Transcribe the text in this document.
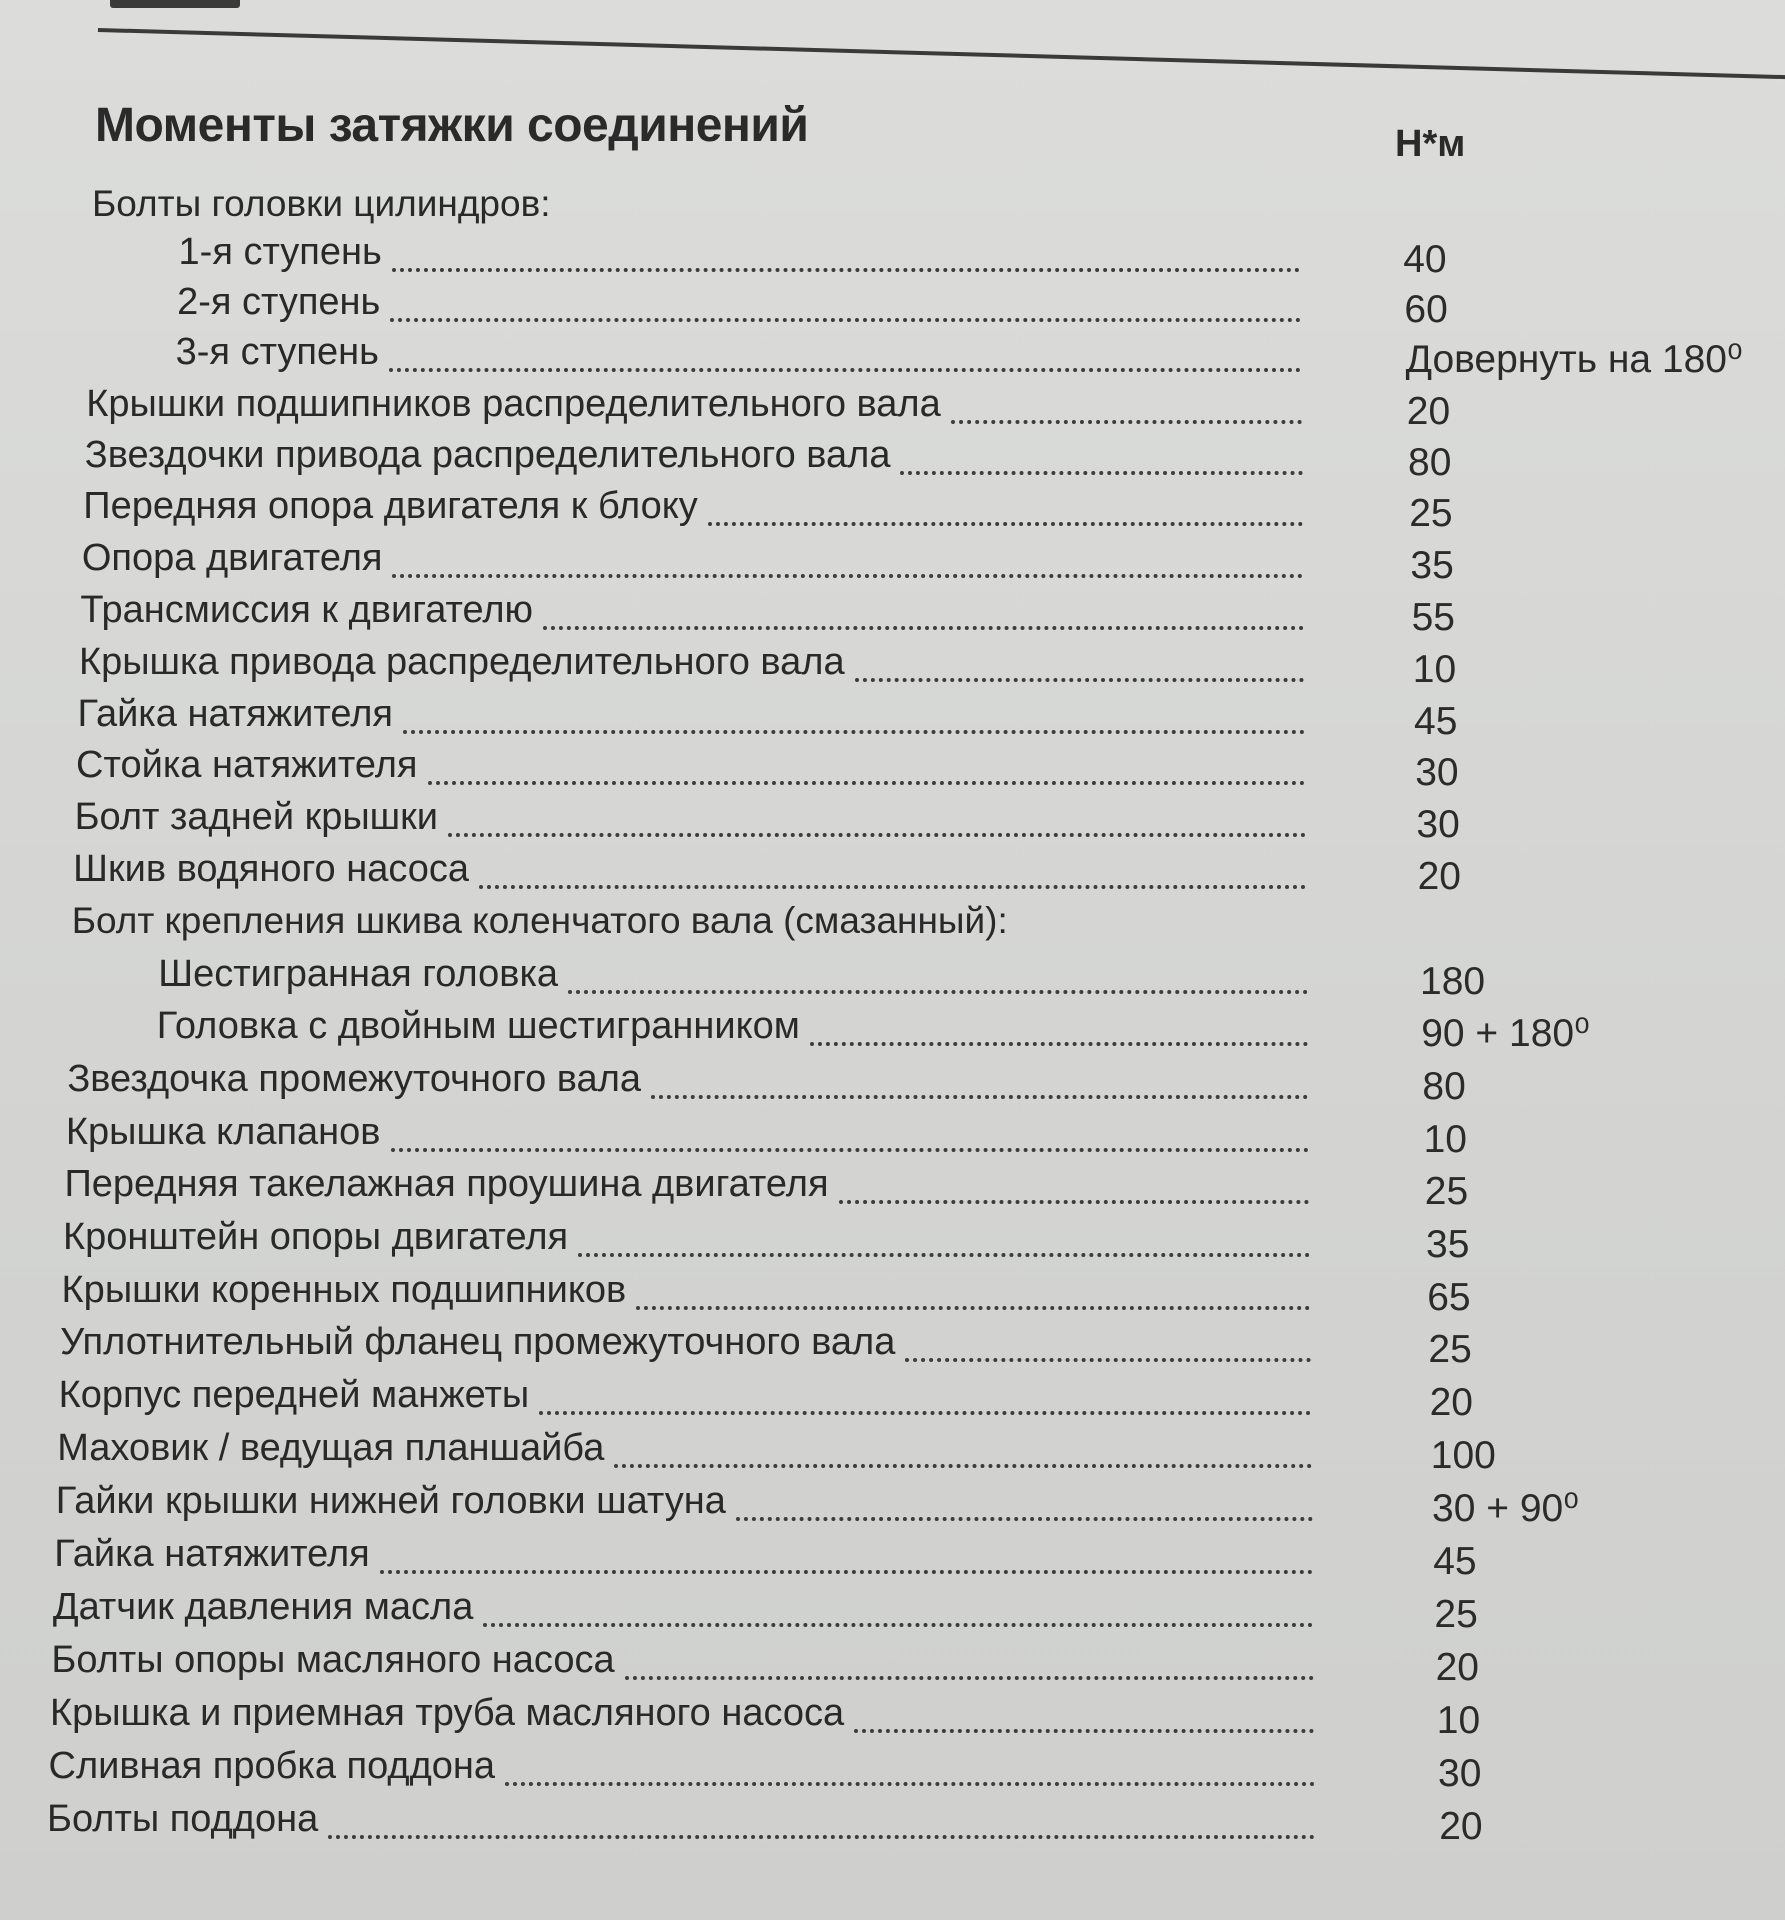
Моменты затяжки соединений	Н*м
Болты головки цилиндров:
1-я ступень	40
2-я ступень	60
3-я ступень	Довернуть на 180⁰
Крышки подшипников распределительного вала	20
Звездочки привода распределительного вала	80
Передняя опора двигателя к блоку	25
Опора двигателя	35
Трансмиссия к двигателю	55
Крышка привода распределительного вала	10
Гайка натяжителя	45
Стойка натяжителя	30
Болт задней крышки	30
Шкив водяного насоса	20
Болт крепления шкива коленчатого вала (смазанный):
Шестигранная головка	180
Головка с двойным шестигранником	90 + 180⁰
Звездочка промежуточного вала	80
Крышка клапанов	10
Передняя такелажная проушина двигателя	25
Кронштейн опоры двигателя	35
Крышки коренных подшипников	65
Уплотнительный фланец промежуточного вала	25
Корпус передней манжеты	20
Маховик / ведущая планшайба	100
Гайки крышки нижней головки шатуна	30 + 90⁰
Гайка натяжителя	45
Датчик давления масла	25
Болты опоры масляного насоса	20
Крышка и приемная труба масляного насоса	10
Сливная пробка поддона	30
Болты поддона	20
